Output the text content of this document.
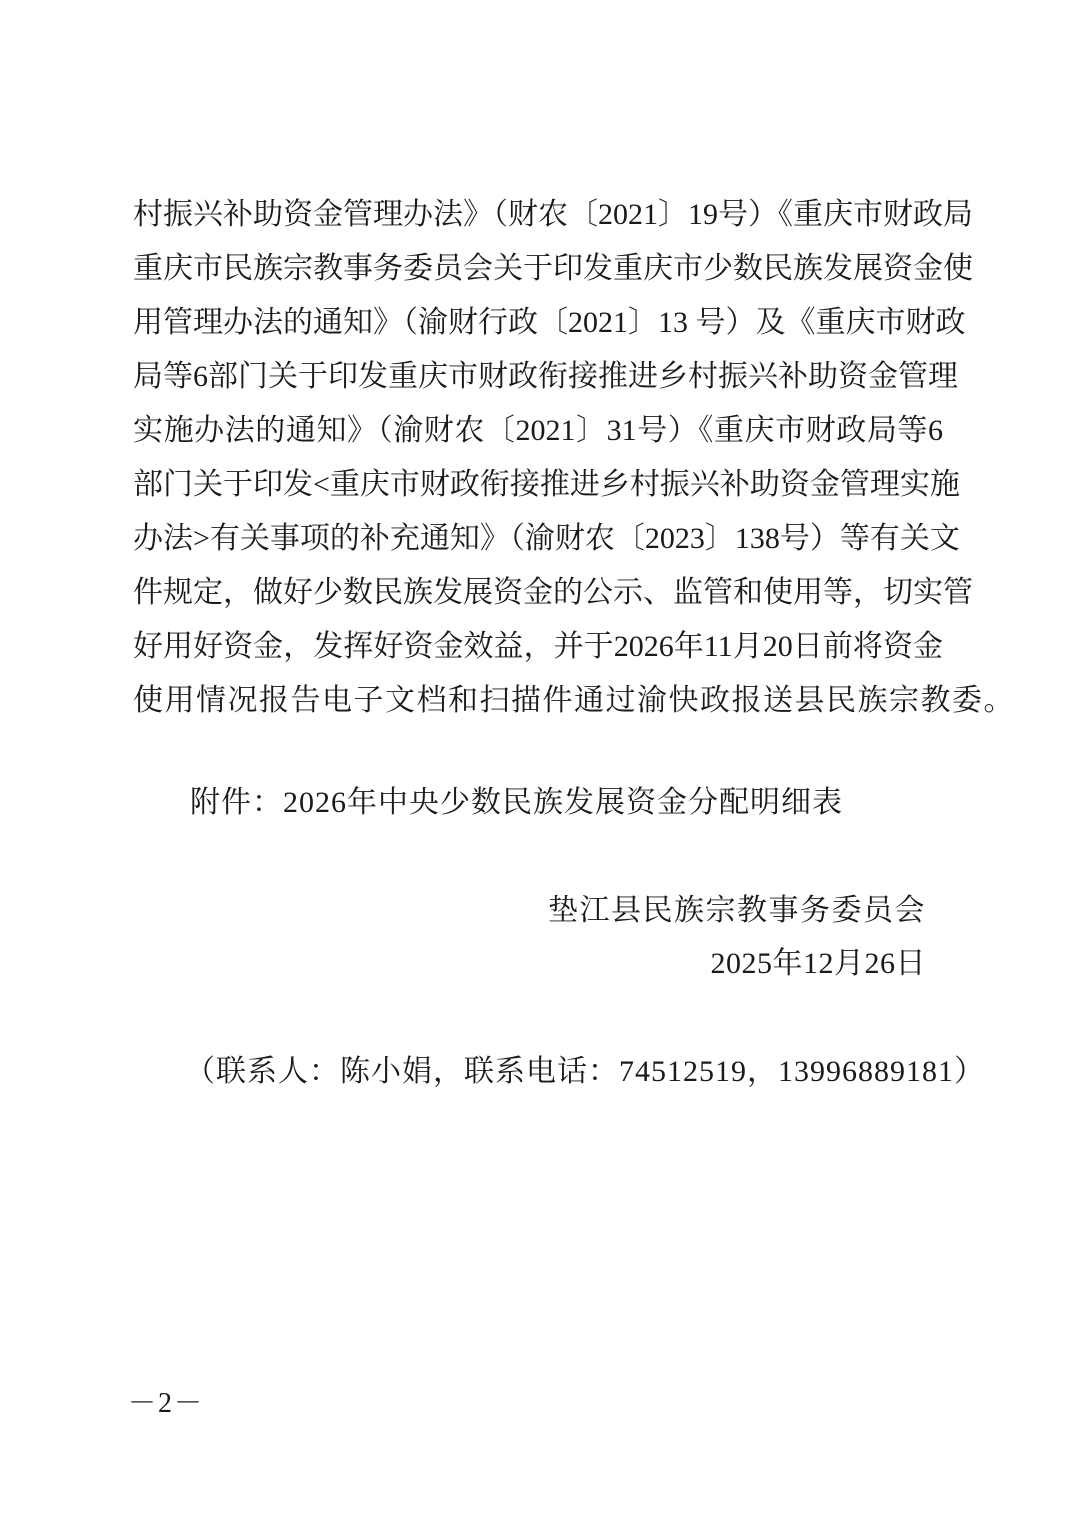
村振兴补助资金管理办法》（财农〔2021〕19号）《重庆市财政局
重庆市民族宗教事务委员会关于印发重庆市少数民族发展资金使
用管理办法的通知》（渝财行政〔2021〕13 号）及《重庆市财政
局等6部门关于印发重庆市财政衔接推进乡村振兴补助资金管理
实施办法的通知》（渝财农〔2021〕31号）《重庆市财政局等6
部门关于印发<重庆市财政衔接推进乡村振兴补助资金管理实施
办法>有关事项的补充通知》（渝财农〔2023〕138号）等有关文
件规定，做好少数民族发展资金的公示、监管和使用等，切实管
好用好资金，发挥好资金效益，并于2026年11月20日前将资金
使用情况报告电子文档和扫描件通过渝快政报送县民族宗教委。
附件：2026年中央少数民族发展资金分配明细表
垫江县民族宗教事务委员会
2025年12月26日
（联系人：陈小娟，联系电话：74512519，13996889181）
－2－
